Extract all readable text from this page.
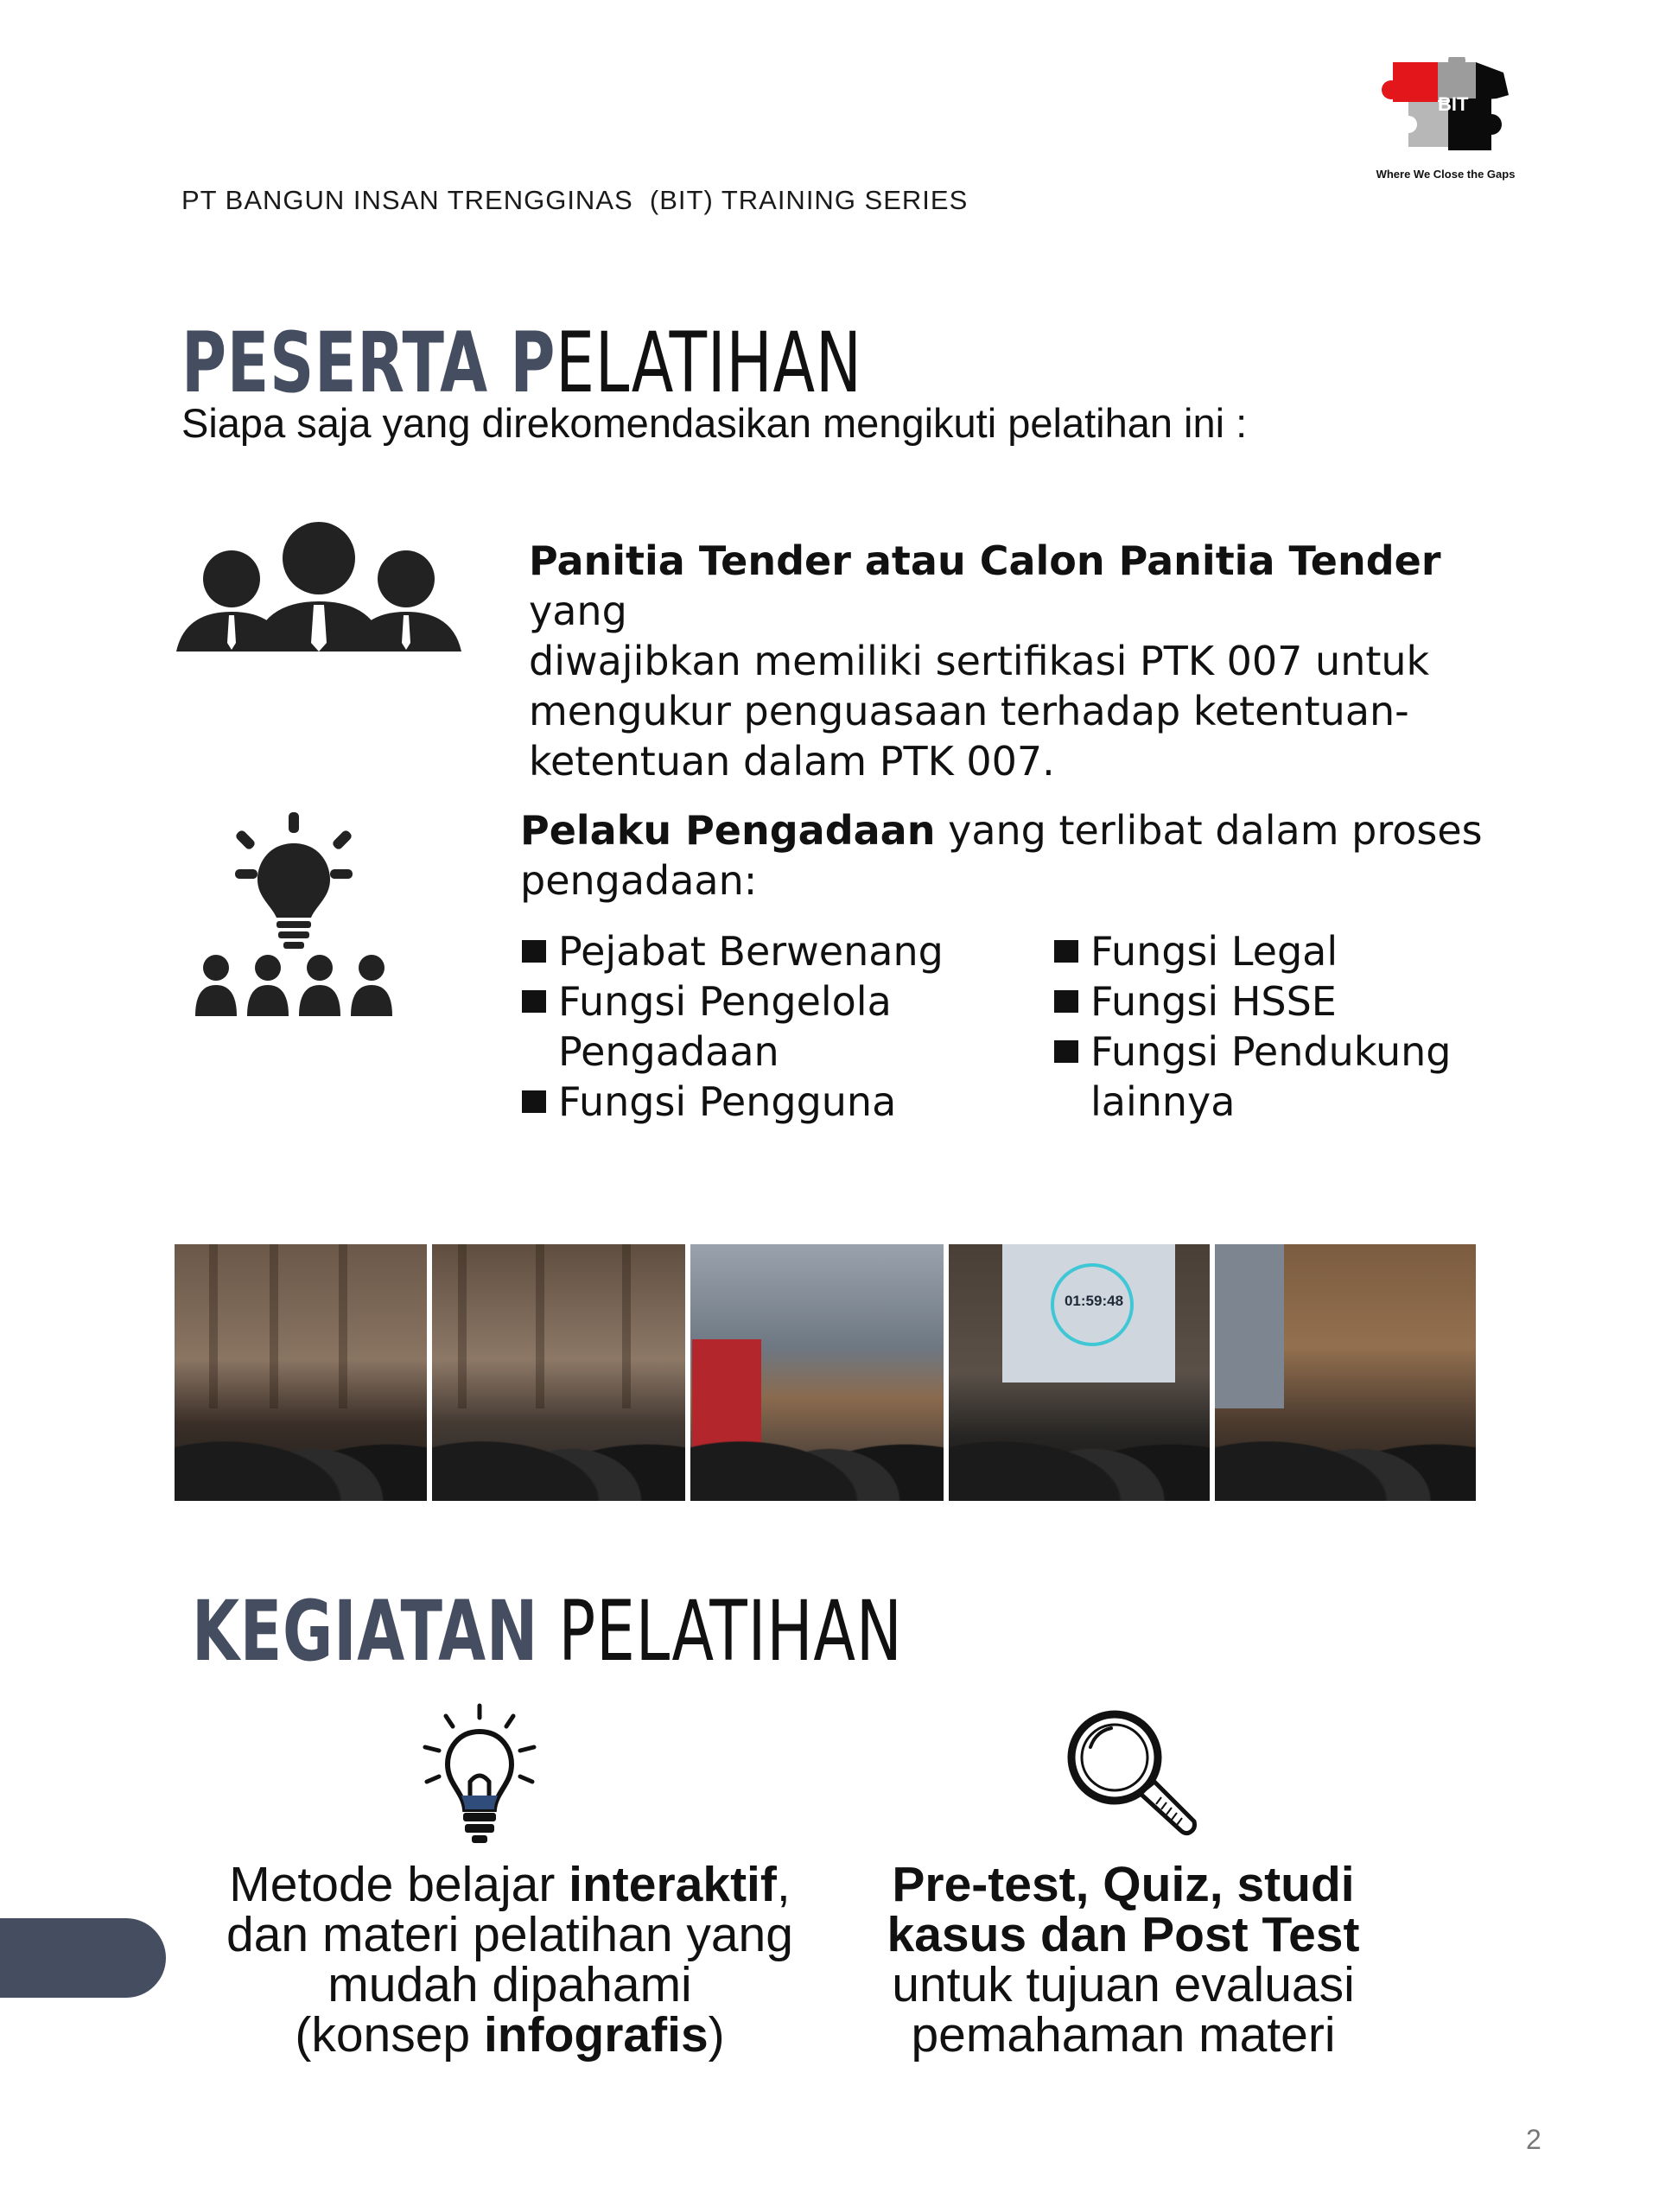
PT BANGUN INSAN TRENGGINAS  (BIT) TRAINING SERIES
BIT
Where We Close the Gaps
PESERTA PELATIHAN
Siapa saja yang direkomendasikan mengikuti pelatihan ini :
Panitia Tender atau Calon Panitia Tender yang
diwajibkan memiliki sertifikasi PTK 007 untuk
mengukur penguasaan terhadap ketentuan-
ketentuan dalam PTK 007.
Pelaku Pengadaan yang terlibat dalam proses
pengadaan:
Pejabat Berwenang
Fungsi Pengelola Pengadaan
Fungsi Pengguna
Fungsi Legal
Fungsi HSSE
Fungsi Pendukung lainnya
01:59:48
KEGIATAN PELATIHAN
Metode belajar interaktif,
dan materi pelatihan yang
mudah dipahami
(konsep infografis)
Pre-test, Quiz, studi
kasus dan Post Test
untuk tujuan evaluasi
pemahaman materi
2
